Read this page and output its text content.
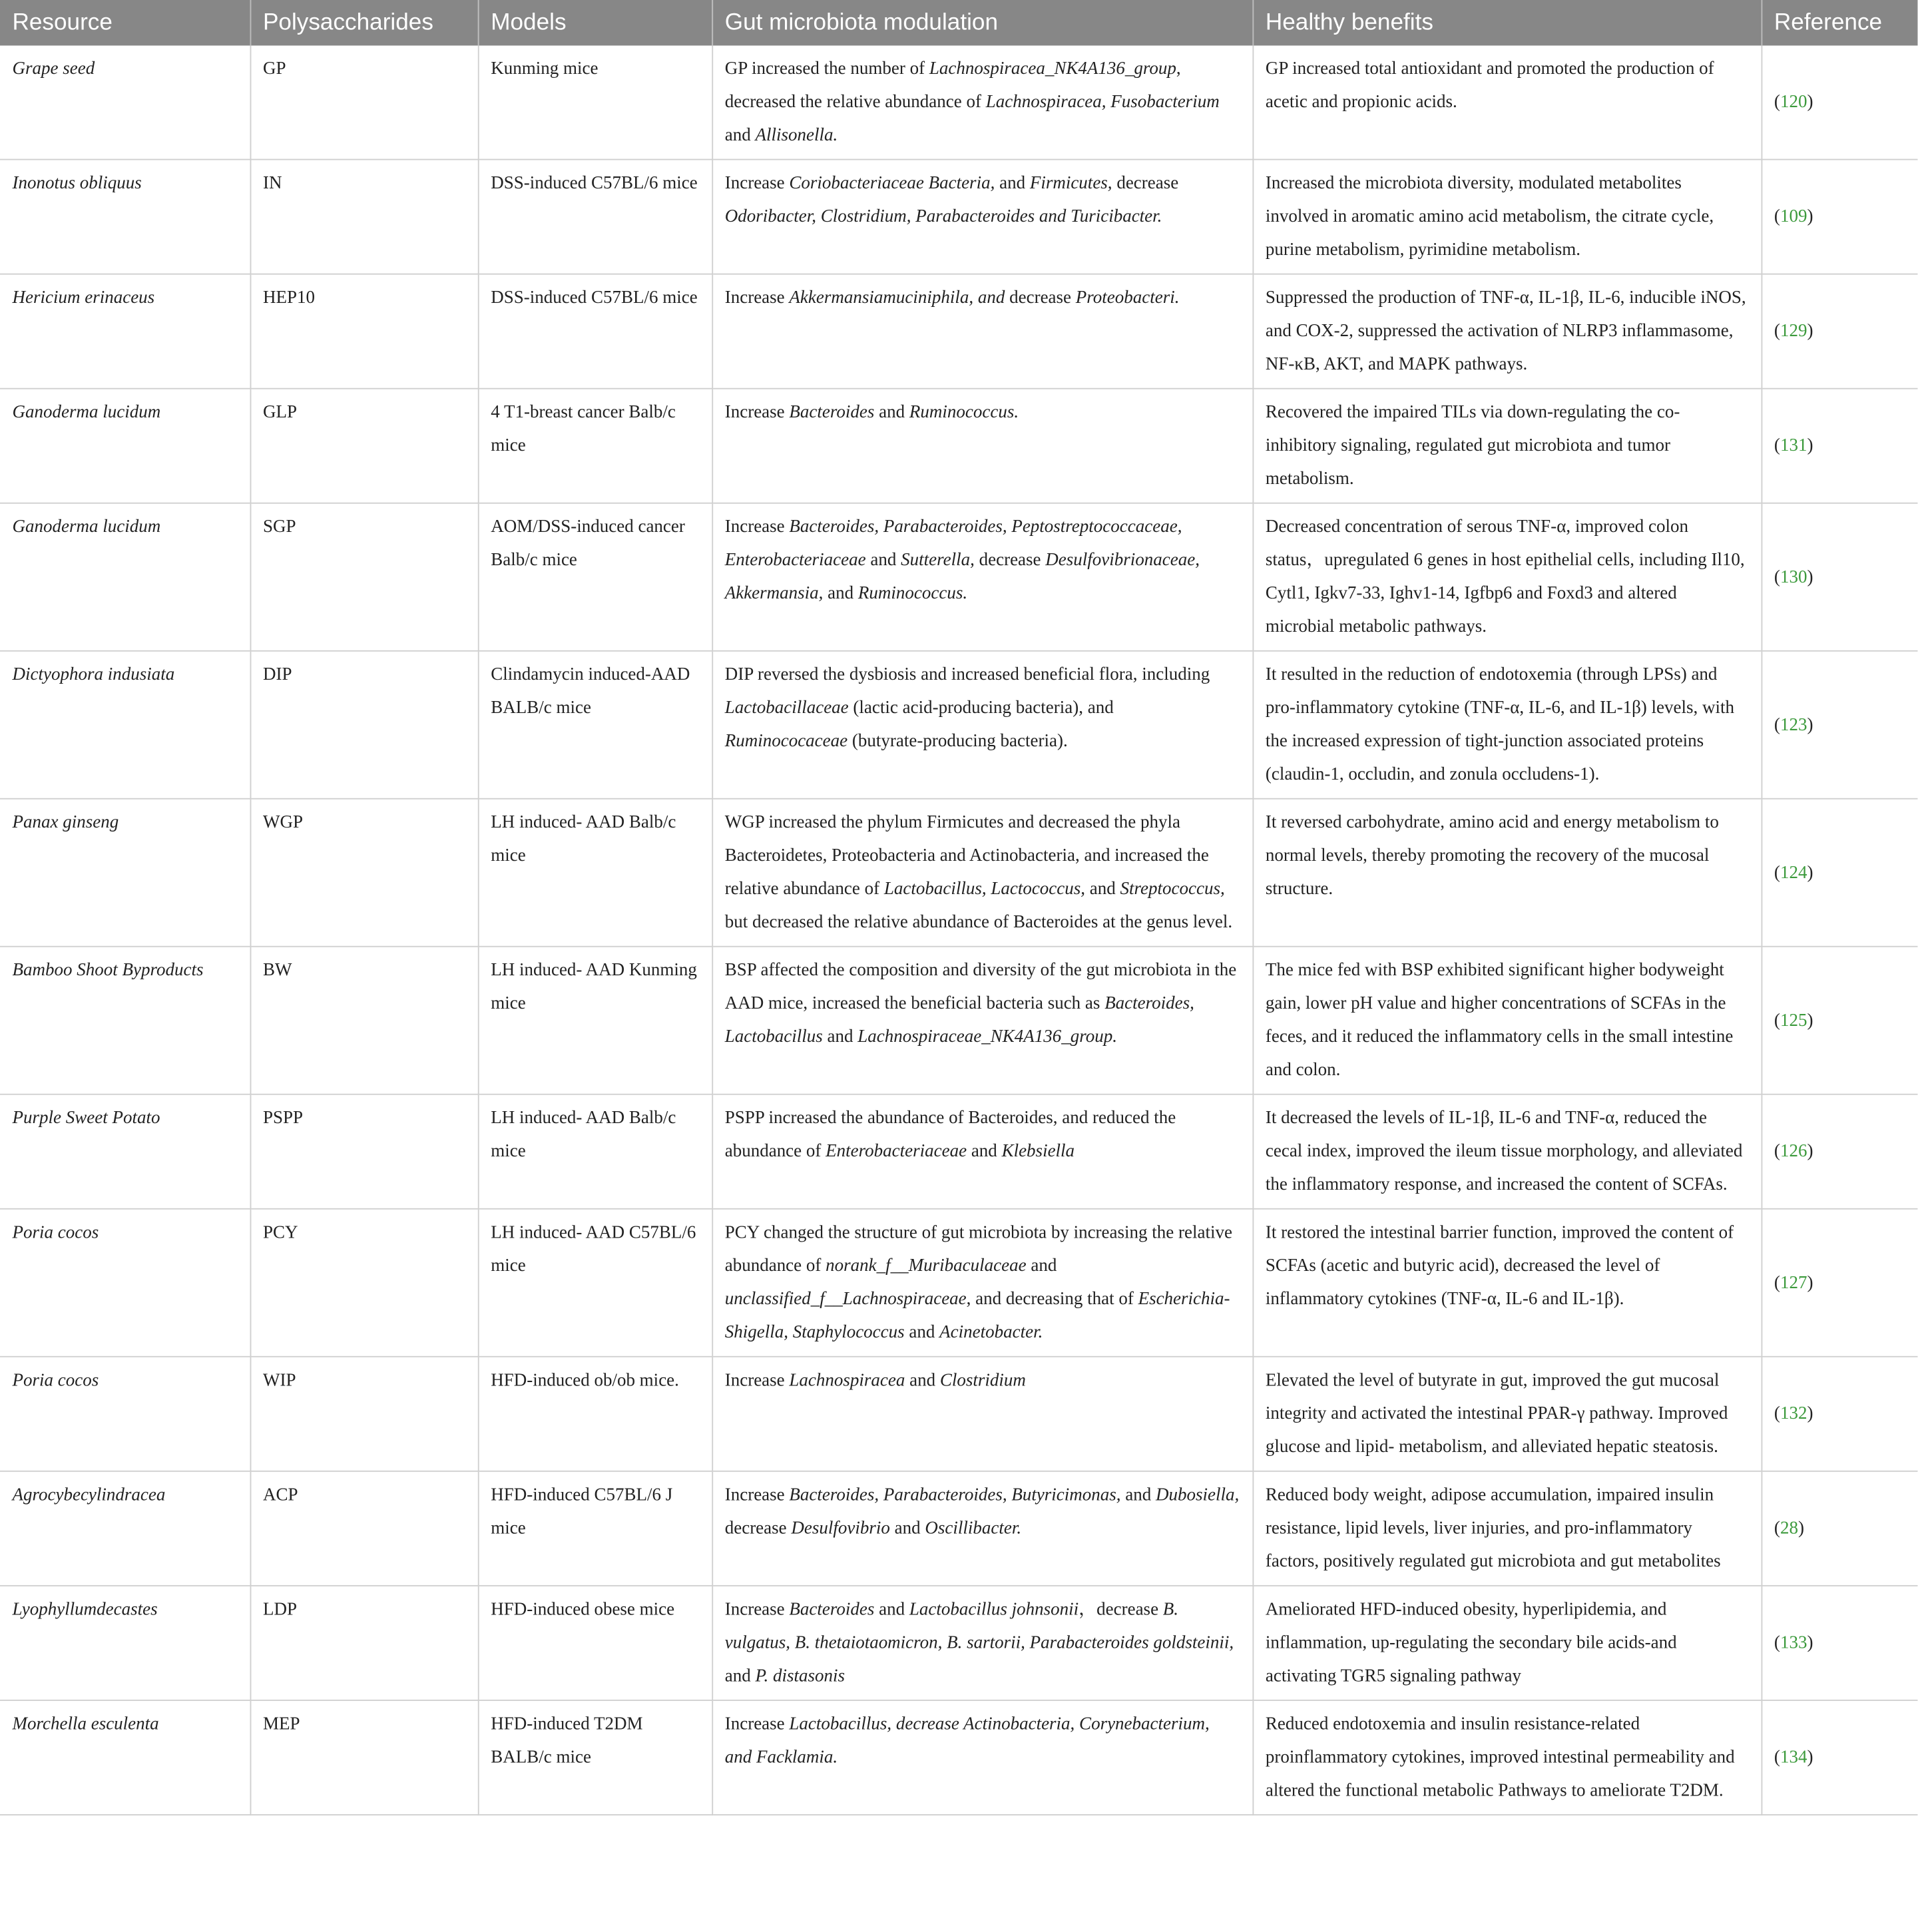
Resource	Polysaccharides	Models	Gut microbiota modulation	Healthy benefits	Reference
Grape seed	GP	Kunming mice	GP increased the number of Lachnospiracea_NK4A136_group, decreased the relative abundance of Lachnospiracea, Fusobacterium and Allisonella.	GP increased total antioxidant and promoted the production of acetic and propionic acids.	(120)
Inonotus obliquus	IN	DSS-induced C57BL/6 mice	Increase Coriobacteriaceae Bacteria, and Firmicutes, decrease Odoribacter, Clostridium, Parabacteroides and Turicibacter.	Increased the microbiota diversity, modulated metabolites involved in aromatic amino acid metabolism, the citrate cycle, purine metabolism, pyrimidine metabolism.	(109)
Hericium erinaceus	HEP10	DSS-induced C57BL/6 mice	Increase Akkermansiamuciniphila, and decrease Proteobacteri.	Suppressed the production of TNF-α, IL-1β, IL-6, inducible iNOS, and COX-2, suppressed the activation of NLRP3 inflammasome, NF-κB, AKT, and MAPK pathways.	(129)
Ganoderma lucidum	GLP	4 T1-breast cancer Balb/c mice	Increase Bacteroides and Ruminococcus.	Recovered the impaired TILs via down-regulating the co-inhibitory signaling, regulated gut microbiota and tumor metabolism.	(131)
Ganoderma lucidum	SGP	AOM/DSS-induced cancer Balb/c mice	Increase Bacteroides, Parabacteroides, Peptostreptococcaceae, Enterobacteriaceae and Sutterella, decrease Desulfovibrionaceae, Akkermansia, and Ruminococcus.	Decreased concentration of serous TNF-α, improved colon status，upregulated 6 genes in host epithelial cells, including Il10, Cytl1, Igkv7-33, Ighv1-14, Igfbp6 and Foxd3 and altered microbial metabolic pathways.	(130)
Dictyophora indusiata	DIP	Clindamycin induced-AAD BALB/c mice	DIP reversed the dysbiosis and increased beneficial flora, including Lactobacillaceae (lactic acid-producing bacteria), and Ruminococaceae (butyrate-producing bacteria).	It resulted in the reduction of endotoxemia (through LPSs) and pro-inflammatory cytokine (TNF-α, IL-6, and IL-1β) levels, with the increased expression of tight-junction associated proteins (claudin-1, occludin, and zonula occludens-1).	(123)
Panax ginseng	WGP	LH induced- AAD Balb/c mice	WGP increased the phylum Firmicutes and decreased the phyla Bacteroidetes, Proteobacteria and Actinobacteria, and increased the relative abundance of Lactobacillus, Lactococcus, and Streptococcus, but decreased the relative abundance of Bacteroides at the genus level.	It reversed carbohydrate, amino acid and energy metabolism to normal levels, thereby promoting the recovery of the mucosal structure.	(124)
Bamboo Shoot Byproducts	BW	LH induced- AAD Kunming mice	BSP affected the composition and diversity of the gut microbiota in the AAD mice, increased the beneficial bacteria such as Bacteroides, Lactobacillus and Lachnospiraceae_NK4A136_group.	The mice fed with BSP exhibited significant higher bodyweight gain, lower pH value and higher concentrations of SCFAs in the feces, and it reduced the inflammatory cells in the small intestine and colon.	(125)
Purple Sweet Potato	PSPP	LH induced- AAD Balb/c mice	PSPP increased the abundance of Bacteroides, and reduced the abundance of Enterobacteriaceae and Klebsiella	It decreased the levels of IL-1β, IL-6 and TNF-α, reduced the cecal index, improved the ileum tissue morphology, and alleviated the inflammatory response, and increased the content of SCFAs.	(126)
Poria cocos	PCY	LH induced- AAD C57BL/6 mice	PCY changed the structure of gut microbiota by increasing the relative abundance of norank_f__Muribaculaceae and unclassified_f__Lachnospiraceae, and decreasing that of Escherichia-Shigella, Staphylococcus and Acinetobacter.	It restored the intestinal barrier function, improved the content of SCFAs (acetic and butyric acid), decreased the level of inflammatory cytokines (TNF-α, IL-6 and IL-1β).	(127)
Poria cocos	WIP	HFD-induced ob/ob mice.	Increase Lachnospiracea and Clostridium	Elevated the level of butyrate in gut, improved the gut mucosal integrity and activated the intestinal PPAR-γ pathway. Improved glucose and lipid- metabolism, and alleviated hepatic steatosis.	(132)
Agrocybecylindracea	ACP	HFD-induced C57BL/6 J mice	Increase Bacteroides, Parabacteroides, Butyricimonas, and Dubosiella, decrease Desulfovibrio and Oscillibacter.	Reduced body weight, adipose accumulation, impaired insulin resistance, lipid levels, liver injuries, and pro-inflammatory factors, positively regulated gut microbiota and gut metabolites	(28)
Lyophyllumdecastes	LDP	HFD-induced obese mice	Increase Bacteroides and Lactobacillus johnsonii，decrease B. vulgatus, B. thetaiotaomicron, B. sartorii, Parabacteroides goldsteinii, and P. distasonis	Ameliorated HFD-induced obesity, hyperlipidemia, and inflammation, up-regulating the secondary bile acids-and activating TGR5 signaling pathway	(133)
Morchella esculenta	MEP	HFD-induced T2DM BALB/c mice	Increase Lactobacillus, decrease Actinobacteria, Corynebacterium, and Facklamia.	Reduced endotoxemia and insulin resistance-related proinflammatory cytokines, improved intestinal permeability and altered the functional metabolic Pathways to ameliorate T2DM.	(134)
